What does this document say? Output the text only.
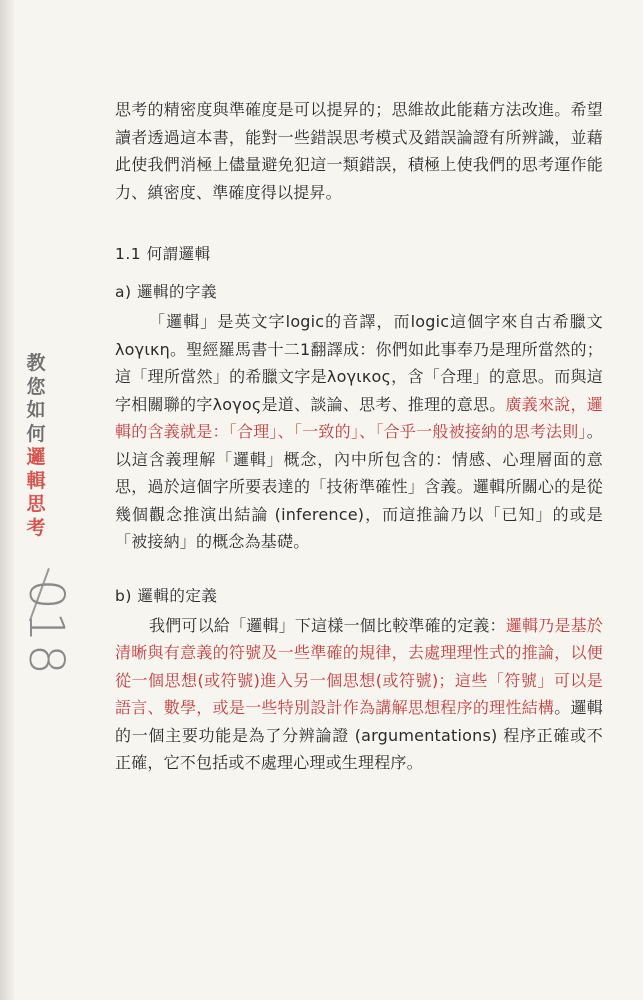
教
您
如
何
邏
輯
思
考
018

思考的精密度與準確度是可以提昇的；思維故此能藉方法改進。希望讀者透過這本書，能對一些錯誤思考模式及錯誤論證有所辨識，並藉此使我們消極上儘量避免犯這一類錯誤，積極上使我們的思考運作能力、縝密度、準確度得以提昇。

1.1 何謂邏輯
a) 邏輯的字義

「邏輯」是英文字logic的音譯，而logic這個字來自古希臘文λογικη。聖經羅馬書十二1翻譯成：你們如此事奉乃是理所當然的；這「理所當然」的希臘文字是λογικος，含「合理」的意思。而與這字相關聯的字λογος是道、談論、思考、推理的意思。廣義來說，邏輯的含義就是：「合理」、「一致的」、「合乎一般被接納的思考法則」。以這含義理解「邏輯」概念，內中所包含的：情感、心理層面的意思，過於這個字所要表達的「技術準確性」含義。邏輯所關心的是從幾個觀念推演出結論 (inference)，而這推論乃以「已知」的或是「被接納」的概念為基礎。

b) 邏輯的定義

我們可以給「邏輯」下這樣一個比較準確的定義：邏輯乃是基於清晰與有意義的符號及一些準確的規律，去處理理性式的推論，以便從一個思想(或符號)進入另一個思想(或符號)；這些「符號」可以是語言、數學，或是一些特別設計作為講解思想程序的理性結構。邏輯的一個主要功能是為了分辨論證 (argumentations) 程序正確或不正確，它不包括或不處理心理或生理程序。
